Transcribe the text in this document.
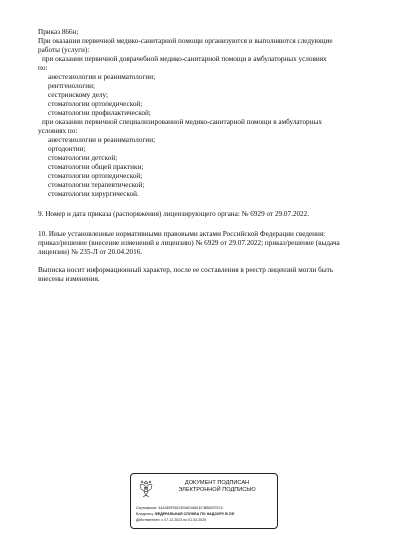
Приказ 866н;
При оказании первичной медико-санитарной помощи организуются и выполняются следующие
работы (услуги):
при оказании первичной доврачебной медико-санитарной помощи в амбулаторных условиях
по:
анестезиологии и реаниматологии;
рентгенологии;
сестринскому делу;
стоматологии ортопедической;
стоматологии профилактической;
при оказании первичной специализированной медико-санитарной помощи в амбулаторных
условиях по:
анестезиологии и реаниматологии;
ортодонтии;
стоматологии детской;
стоматологии общей практики;
стоматологии ортопедической;
стоматологии терапевтической;
стоматологии хирургической.
9. Номер и дата приказа (распоряжения) лицензирующего органа: № 6929 от 29.07.2022.
10. Иные установленные нормативными правовыми актами Российской Федерации сведения:
приказ/решение (внесение изменений в лицензию) № 6929 от 29.07.2022; приказ/решение (выдача
лицензии) № 235-Л от 20.04.2016.
Выписка носит информационный характер, после ее составления в реестр лицензий могли быть
внесены изменения.
ДОКУМЕНТ ПОДПИСАН
ЭЛЕКТРОННОЙ ПОДПИСЬЮ
Сертификат: 44A369F5521EBAD0861ECBB8257E10
Владелец: ФЕДЕРАЛЬНАЯ СЛУЖБА ПО НАДЗОРУ В СФ
Действителен: с 07.12.2023 по 01.03.2025
